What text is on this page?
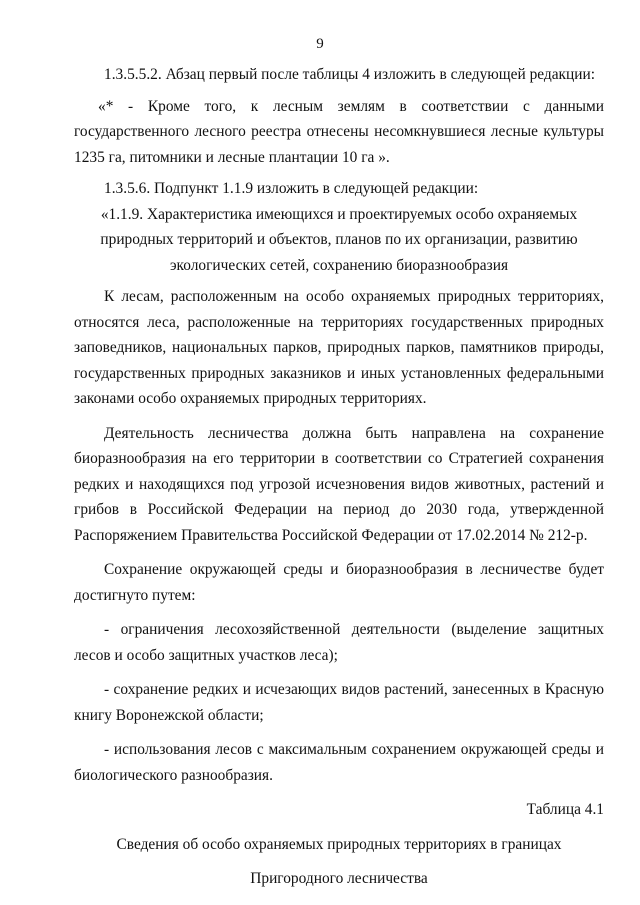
9

1.3.5.5.2. Абзац первый после таблицы 4 изложить в следующей редакции:

«* - Кроме того, к лесным землям в соответствии с данными государственного лесного реестра отнесены несомкнувшиеся лесные культуры 1235 га, питомники и лесные плантации 10 га ».

1.3.5.6. Подпункт 1.1.9 изложить в следующей редакции:

«1.1.9. Характеристика имеющихся и проектируемых особо охраняемых природных территорий и объектов, планов по их организации, развитию экологических сетей, сохранению биоразнообразия

К лесам, расположенным на особо охраняемых природных территориях, относятся леса, расположенные на территориях государственных природных заповедников, национальных парков, природных парков, памятников природы, государственных природных заказников и иных установленных федеральными законами особо охраняемых природных территориях.

Деятельность лесничества должна быть направлена на сохранение биоразнообразия на его территории в соответствии со Стратегией сохранения редких и находящихся под угрозой исчезновения видов животных, растений и грибов в Российской Федерации на период до 2030 года, утвержденной Распоряжением Правительства Российской Федерации от 17.02.2014 № 212-р.

Сохранение окружающей среды и биоразнообразия в лесничестве будет достигнуто путем:

- ограничения лесохозяйственной деятельности (выделение защитных лесов и особо защитных участков леса);

- сохранение редких и исчезающих видов растений, занесенных в Красную книгу Воронежской области;

- использования лесов с максимальным сохранением окружающей среды и биологического разнообразия.

Таблица 4.1

Сведения об особо охраняемых природных территориях в границах

Пригородного лесничества
